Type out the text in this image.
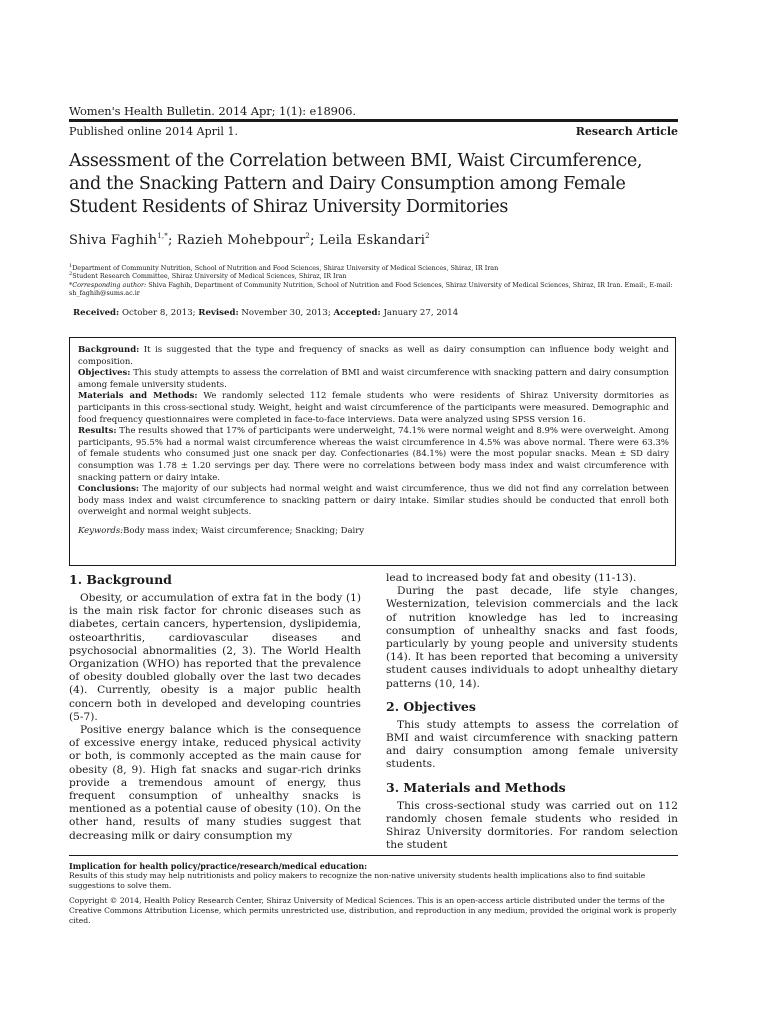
Women's Health Bulletin. 2014 Apr; 1(1): e18906.
Published online 2014 April 1.	Research Article
Assessment of the Correlation between BMI, Waist Circumference, and the Snacking Pattern and Dairy Consumption among Female Student Residents of Shiraz University Dormitories
Shiva Faghih$^{1,*}$; Razieh Mohebpour$^2$; Leila Eskandari$^2$
$^1$Department of Community Nutrition, School of Nutrition and Food Sciences, Shiraz University of Medical Sciences, Shiraz, IR Iran
$^2$Student Research Committee, Shiraz University of Medical Sciences, Shiraz, IR Iran
*Corresponding author: Shiva Faghih, Department of Community Nutrition, School of Nutrition and Food Sciences, Shiraz University of Medical Sciences, Shiraz, IR Iran. Email:, E-mail: sh_faghih@sums.ac.ir
Received: October 8, 2013; Revised: November 30, 2013; Accepted: January 27, 2014

Background: It is suggested that the type and frequency of snacks as well as dairy consumption can influence body weight and composition.

Objectives: This study attempts to assess the correlation of BMI and waist circumference with snacking pattern and dairy consumption among female university students.

Materials and Methods: We randomly selected 112 female students who were residents of Shiraz University dormitories as participants in this cross-sectional study. Weight, height and waist circumference of the participants were measured. Demographic and food frequency questionnaires were completed in face-to-face interviews. Data were analyzed using SPSS version 16.

Results: The results showed that 17% of participants were underweight, 74.1% were normal weight and 8.9% were overweight. Among participants, 95.5% had a normal waist circumference whereas the waist circumference in 4.5% was above normal. There were 63.3% of female students who consumed just one snack per day. Confectionaries (84.1%) were the most popular snacks. Mean ± SD dairy consumption was 1.78 ± 1.20 servings per day. There were no correlations between body mass index and waist circumference with snacking pattern or dairy intake.

Conclusions: The majority of our subjects had normal weight and waist circumference, thus we did not find any correlation between body mass index and waist circumference to snacking pattern or dairy intake. Similar studies should be conducted that enroll both overweight and normal weight subjects.

Keywords:Body mass index; Waist circumference; Snacking; Dairy

1. Background

Obesity, or accumulation of extra fat in the body (1) is the main risk factor for chronic diseases such as diabetes, certain cancers, hypertension, dyslipidemia, osteoarthritis, cardiovascular diseases and psychosocial abnormalities (2, 3). The World Health Organization (WHO) has reported that the prevalence of obesity doubled globally over the last two decades (4). Currently, obesity is a major public health concern both in developed and developing countries (5-7).

Positive energy balance which is the consequence of excessive energy intake, reduced physical activity or both, is commonly accepted as the main cause for obesity (8, 9). High fat snacks and sugar-rich drinks provide a tremendous amount of energy, thus frequent consumption of unhealthy snacks is mentioned as a potential cause of obesity (10). On the other hand, results of many studies suggest that decreasing milk or dairy consumption my

lead to increased body fat and obesity (11-13).

During the past decade, life style changes, Westernization, television commercials and the lack of nutrition knowledge has led to increasing consumption of unhealthy snacks and fast foods, particularly by young people and university students (14). It has been reported that becoming a university student causes individuals to adopt unhealthy dietary patterns (10, 14).

2. Objectives

This study attempts to assess the correlation of BMI and waist circumference with snacking pattern and dairy consumption among female university students.

3. Materials and Methods

This cross-sectional study was carried out on 112 randomly chosen female students who resided in Shiraz University dormitories. For random selection the student

Implication for health policy/practice/research/medical education:
Results of this study may help nutritionists and policy makers to recognize the non-native university students health implications also to find suitable suggestions to solve them.
Copyright © 2014, Health Policy Research Center, Shiraz University of Medical Sciences. This is an open-access article distributed under the terms of the Creative Commons Attribution License, which permits unrestricted use, distribution, and reproduction in any medium, provided the original work is properly cited.
